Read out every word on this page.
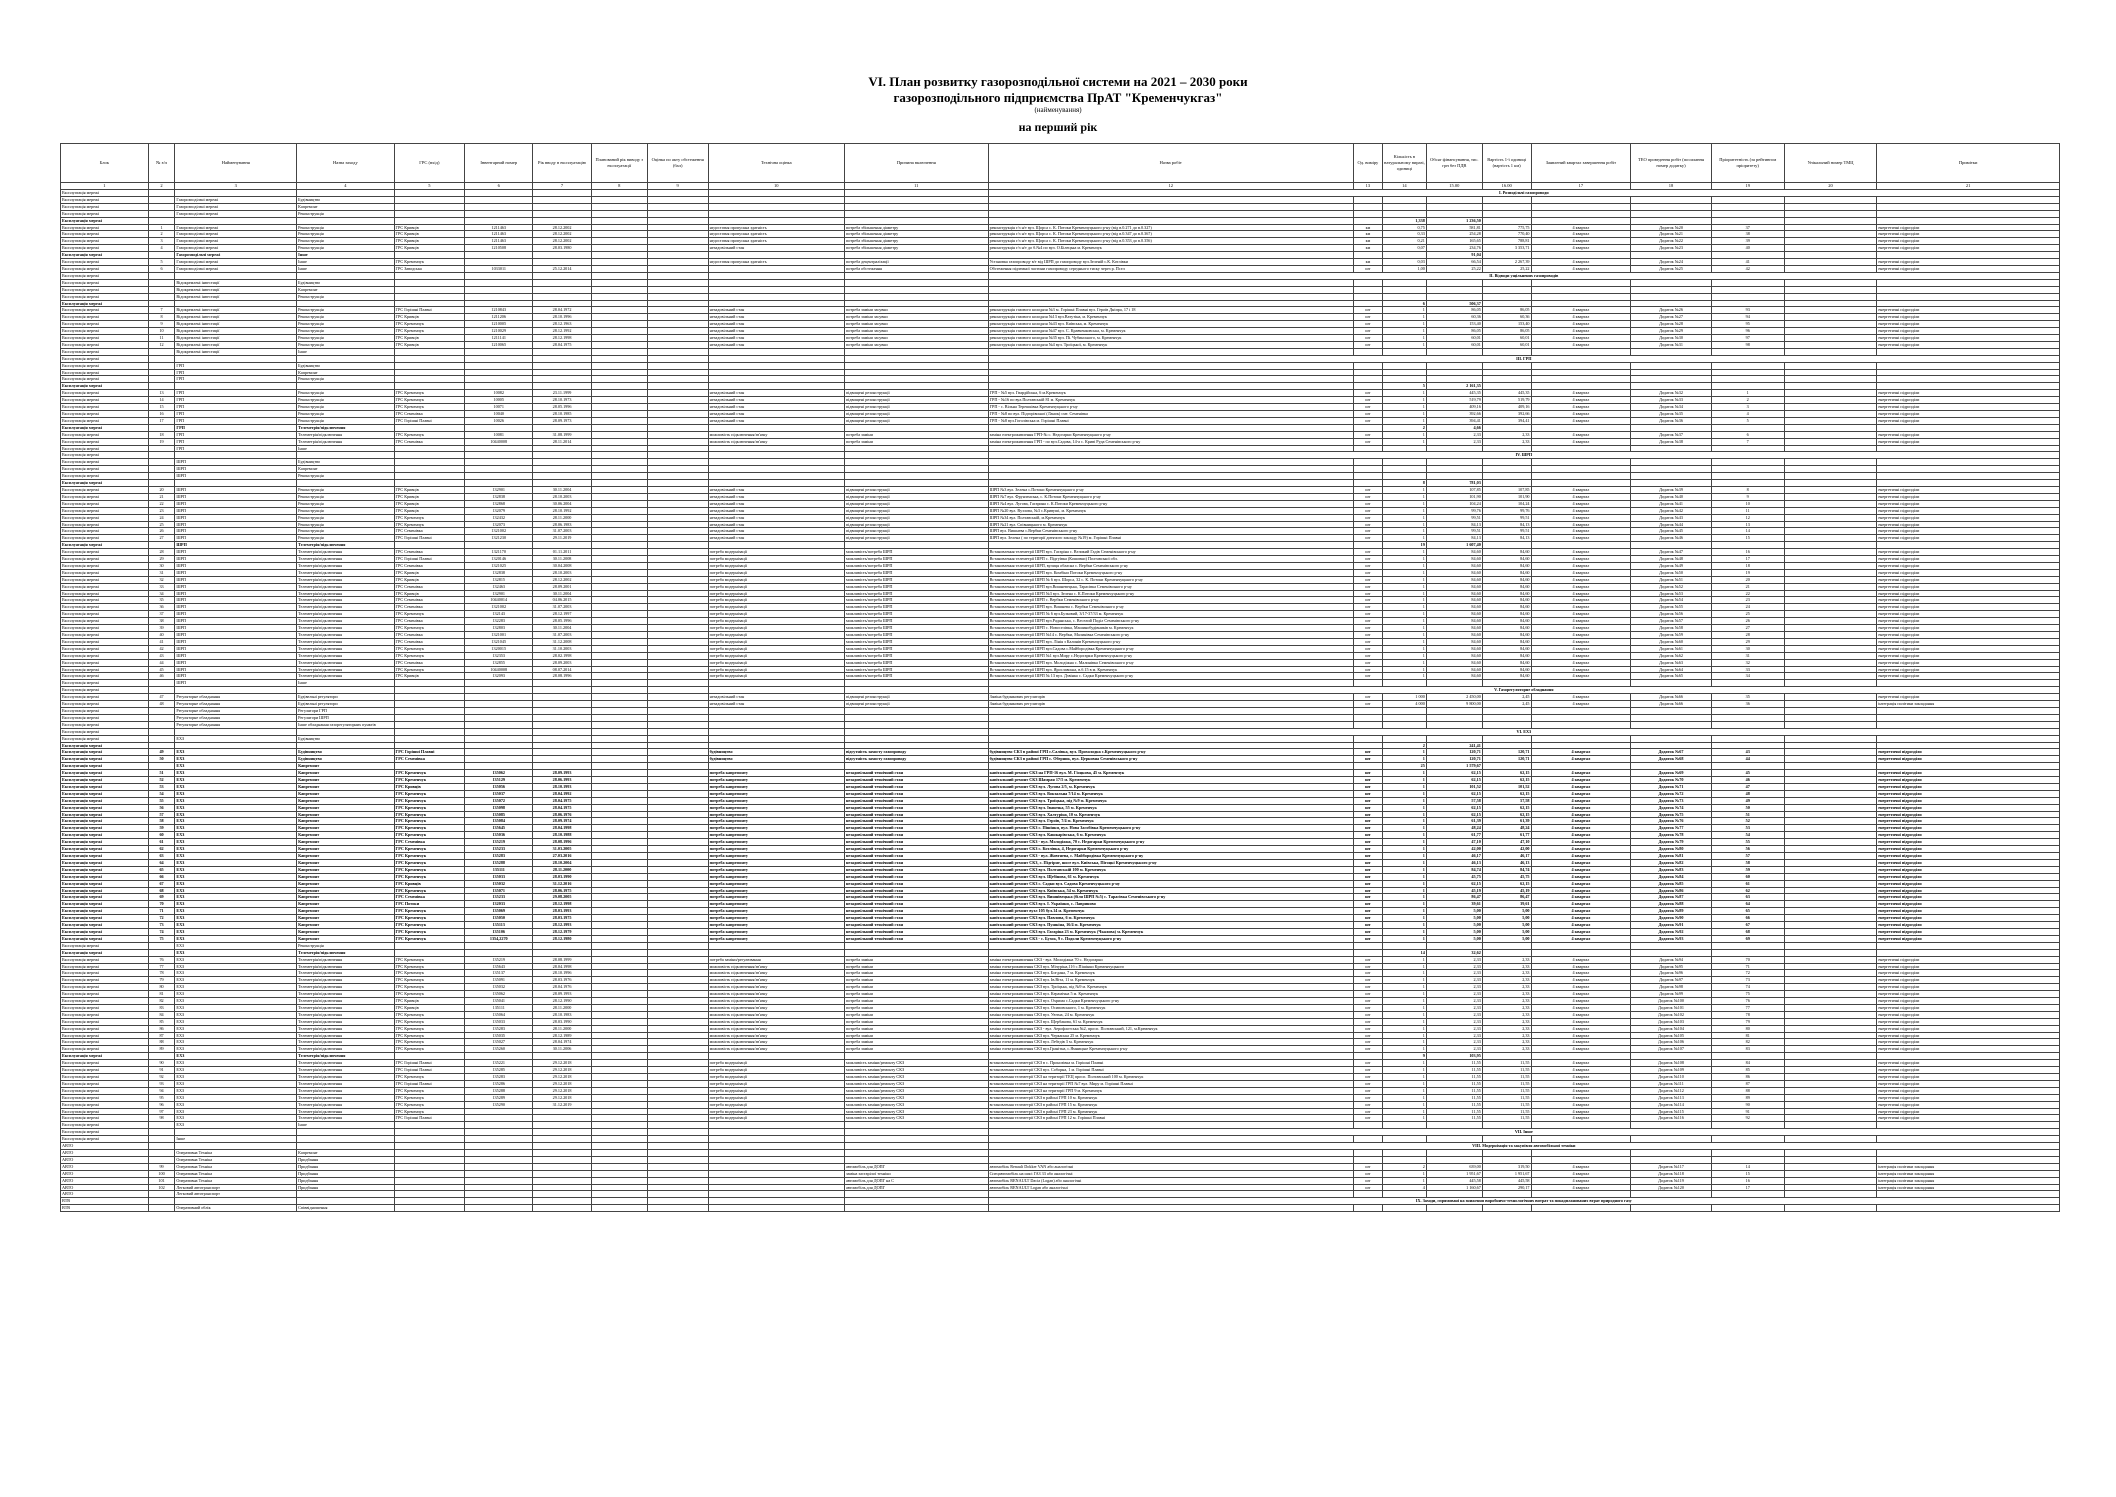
VI. План розвитку газорозподільної системи на 2021 – 2030 роки
газорозподільного підприємства ПрАТ "Кременчукгаз"
(найменування)
на перший рік
Блок	№ з/п	Найменування	Назва заходу	ГРС (вхід)	Інвентарний номер	Рік вводу в експлуатацію	Планований рік виводу з експлуатації	Оцінка по акту обстеження (бал)	Технічна оцінка	Причина включення	Назва робіт	Од. виміру	Кількість в натуральному виразі, одиниці	Обсяг фінансування, тис. грн без ПДВ	Вартість 1-ї одиниці (вартість 1 км)	Заявлений квартал завершення робіт	ТЕО проведення робіт (посилання номер додатку)	Пріоритетність (за рейтингом пріоритету)	Унікальний номер ТМЦ	Примітки
1	2	3	4	5	6	7	8	9	10	11	12	13	14	15.00	16.00	17	18	19	20	21
Експлуатація мережі											I. Розподільчі газопроводи									
Експлуатація мережі		Газорозподільчі мережі	Будівництво																	
Експлуатація мережі		Газорозподільчі мережі	Капремонт																	
Експлуатація мережі		Газорозподільчі мережі	Реконструкція																	
Експлуатація мережі													1,338	1 236,50						
Експлуатація мережі	1	Газорозподільчі мережі	Реконструкція	ГРС Кривців	1211463	28.12.2002			недостатня пропускна здатність	потреба збільшення діаметру	реконструкція г/з н/т вул. Щорса с. К. Потоки Кременчуцького р-ну (від в.0.271 до в.0.327)	км	0,75	581,81	775,75	4 квартал	Додаток №20	37		енергетичні підрозділи
Експлуатація мережі	2	Газорозподільчі мережі	Реконструкція	ГРС Кривців	1211463	28.12.2002			недостатня пропускна здатність	потреба збільшення діаметру	реконструкція г/з н/т вул. Щорса с. К. Потоки Кременчуцького р-ну (від в.0.347 до в.0.367)	км	0,33	254,28	770,40	4 квартал	Додаток №21	38		енергетичні підрозділи
Експлуатація мережі	3	Газорозподільчі мережі	Реконструкція	ГРС Кривців	1211463	28.12.2002			недостатня пропускна здатність	потреба збільшення діаметру	реконструкція г/з н/т вул. Щорса с. К. Потоки Кременчуцького р-ну (від в.0.353 до в.0.356)	км	0,21	165,65	788,81	4 квартал	Додаток №22	39		енергетичні підрозділи
Експлуатація мережі	4	Газорозподільчі мережі	Реконструкція	ГРС Кривців	1210508	28.03.1980			незадовільний стан	потреба збільшення діаметру	реконструкція г/з н/т до б.№4 по вул. О.Білецька м. Кременчук	км	0,07	234,76	3 353,71	4 квартал	Додаток №23	40		енергетичні підрозділи
Експлуатація мережі		Газорозподільчі мережі	Інше											91,04						
Експлуатація мережі	5	Газорозподільчі мережі	Інше	ГРС Кременчук					недостатня пропускна здатність	потреба децентралізації	Установка газопроводу в/т від ШРП до газопроводу вул.Зеленій с.К. Котлівки	км	0,03	66,54	2 267,39	4 квартал	Додаток №24	41		енергетичні підрозділи
Експлуатація мережі	6	Газорозподільчі мережі	Інше	ГРС Заводська	1033011	25.12.2014				потреба обстеження	Обстеження підземної частини газопроводу середнього тиску через р. Псел	шт	1,00	25,22	25,22	4 квартал	Додаток №25	42		енергетичні підрозділи
Експлуатація мережі											II. Відводи ущільнених газопроводів									
Експлуатація мережі		Відокремлені інвестиції	Будівництво																	
Експлуатація мережі		Відокремлені інвестиції	Капремонт																	
Експлуатація мережі		Відокремлені інвестиції	Реконструкція																	
Експлуатація мережі													6	506,37						
Експлуатація мережі	7	Відокремлені інвестиції	Реконструкція	ГРС Горішні Плавні	1210843	28.04.1972			незадовільний стан	потреба заміни засувки	реконструкція газового колодязя №3 м. Горішні Плавні вул. Героїв Дніпра, 17 і 18	шт	1	86,05	86,05	4 квартал	Додаток №26	93		енергетичні підрозділи
Експлуатація мережі	8	Відокремлені інвестиції	Реконструкція	ГРС Кривців	1211206	28.10.1996			незадовільний стан	потреба заміни засувки	реконструкція газового колодязя №13 вул.Ватутіна, м. Кременчук	шт	1	60,36	60,36	4 квартал	Додаток №27	94		енергетичні підрозділи
Експлуатація мережі	9	Відокремлені інвестиції	Реконструкція	ГРС Кременчук	1210005	28.12.1963			незадовільний стан	потреба заміни засувки	реконструкція газового колодязя №43 вул. Київська, м. Кременчук	шт	1	153,40	153,40	4 квартал	Додаток №28	95		енергетичні підрозділи
Експлуатація мережі	10	Відокремлені інвестиції	Реконструкція	ГРС Кременчук	1210029	28.12.1992			незадовільний стан	потреба заміни засувки	реконструкція газового колодязя №47 вул. С. Кравченковська, м. Кременчук	шт	1	86,05	86,05	4 квартал	Додаток №29	96		енергетичні підрозділи
Експлуатація мережі	11	Відокремлені інвестиції	Реконструкція	ГРС Кривців	1211141	28.12.1998			незадовільний стан	потреба заміни засувки	реконструкція газового колодязя №35 вул. Пі. Чубинського, м. Кременчук	шт	1	60,01	60,01	4 квартал	Додаток №30	97		енергетичні підрозділи
Експлуатація мережі	12	Відокремлені інвестиції	Реконструкція	ГРС Кривців	1210065	28.04.1975			незадовільний стан	потреба заміни засувки	реконструкція газового колодязя №4 вул. Троїцької, м. Кременчук	шт	1	60,01	60,01	4 квартал	Додаток №31	98		енергетичні підрозділи
Експлуатація мережі		Відокремлені інвестиції	Інше																	
Експлуатація мережі											III. ГРП									
Експлуатація мережі		ГРП	Будівництво																	
Експлуатація мережі		ГРП	Капремонт																	
Експлуатація мережі		ГРП	Реконструкція																	
Експлуатація мережі													5	2 161,35						
Експлуатація мережі	13	ГРП	Реконструкція	ГРС Кременчук	10082	23.11.1999			незадовільний стан	підвищені резонструкції	ГРП - №5 вул. Гвардійська, 6 м.Кременчук	шт	1	445,35	445,35	4 квартал	Додаток №32	1		енергетичні підрозділи
Експлуатація мережі	14	ГРП	Реконструкція	ГРС Кременчук	10005	28.10.1973			незадовільний стан	підвищені резонструкції	ГРП - №16 по вул.Полтавській 81 м. Кременчук	шт	1	519,79	519,79	4 квартал	Додаток №33	2		енергетичні підрозділи
Експлуатація мережі	15	ГРП	Реконструкція	ГРС Кременчук	10071	28.05.1996			незадовільний стан	підвищені резонструкції	ГРП - с. Вільна Терешківка Кременчуцького р-ну	шт	1	409,16	409,16	4 квартал	Додаток №34	3		енергетичні підрозділи
Експлуатація мережі	16	ГРП	Реконструкція	ГРС Семенівка	10040	28.10.1985			незадовільний стан	підвищені резонструкції	ГРП - №8 по вул. Підгорівської (Ланок) смт. Семенівка	шт	1	392,66	392,66	4 квартал	Додаток №35	4		енергетичні підрозділи
Експлуатація мережі	17	ГРП	Реконструкція	ГРС Горішні Плавні	10026	28.09.1973			незадовільний стан	підвищені резонструкції	ГРП - №8 вул.Гоголівська м. Горішні Плавні	шт	1	394,41	394,41	4 квартал	Додаток №36	5		енергетичні підрозділи
Експлуатація мережі		ГРП	Телеметрія/підключення										2	4,66						
Експлуатація мережі	18	ГРП	Телеметрія/підключення	ГРС Кременчук	10081	31.08.1999			можливість підключення/зв'язку	потреба заміни	заміна електроживлення ГРП-№ с. Недогарки Кременчуцького р-ну	шт	1	2,33	2,33	4 квартал	Додаток №37	6		енергетичні підрозділи
Експлуатація мережі	19	ГРП	Телеметрія/підключення	ГРС Семенівка	10440008	28.11.2014			можливість підключення/зв'язку	потреба заміни	заміна електроживлення ГРП - по вул.Садова, 14-а с. Криві Руда Семенівського р-ну	шт	1	2,33	2,33	4 квартал	Додаток №38	7		енергетичні підрозділи
Експлуатація мережі		ГРП	Інше																	
Експлуатація мережі											IV. ШРП									
Експлуатація мережі		ШРП	Будівництво																	
Експлуатація мережі		ШРП	Капремонт																	
Експлуатація мережі		ШРП	Реконструкція																	
Експлуатація мережі													8	781,03						
Експлуатація мережі	20	ШРП	Реконструкція	ГРС Кривців	132901	30.11.2004			незадовільний стан	підвищені резонструкції	ШРП №3 вул. Зелена с.Потоки Кременчуцького р-ну	шт	1	107,85	107,85	4 квартал	Додаток №39	8		енергетичні підрозділи
Експлуатація мережі	21	ШРП	Реконструкція	ГРС Кривців	132838	28.10.2003			незадовільний стан	підвищені резонструкції	ШРП №7 вул. Фрунзенська, с. К.Потоки Кременчуцького р-ну	шт	1	101,90	101,90	4 квартал	Додаток №40	9		енергетичні підрозділи
Експлуатація мережі	22	ШРП	Реконструкція	ГРС Кривців	132868	30.06.2004			незадовільний стан	підвищені резонструкції	ШРП №4 вул. Лугова, Гагарина с. К.Потоки Кременчуцького р-ну	шт	1	104,24	104,24	4 квартал	Додаток №41	10		енергетичні підрозділи
Експлуатація мережі	23	ШРП	Реконструкція	ГРС Кривців	132079	28.10.1992			незадовільний стан	підвищені резонструкції	ШРП №20 вул. Вузлова, №3 с.Кривуші, м. Кременчук	шт	1	99,76	99,76	4 квартал	Додаток №42	11		енергетичні підрозділи
Експлуатація мережі	24	ШРП	Реконструкція	ГРС Кременчук	132432	28.11.2000			незадовільний стан	підвищені резонструкції	ШРП №34 вул. Полтавській, м.Кременчук	шт	1	99,51	99,51	4 квартал	Додаток №43	12		енергетичні підрозділи
Експлуатація мережі	25	ШРП	Реконструкція	ГРС Кременчук	132073	28.06.1983			незадовільний стан	підвищені резонструкції	ШРП №21 вул. Співницького м. Кременчук	шт	1	84,13	84,13	4 квартал	Додаток №44	13		енергетичні підрозділи
Експлуатація мережі	26	ШРП	Реконструкція	ГРС Семенівка	1321002	31.07.2003			незадовільний стан	підвищені резонструкції	ШРП вул. Вишнева с.Вербки Семенівського р-ну	шт	1	99,51	99,51	4 квартал	Додаток №45	14		енергетичні підрозділи
Експлуатація мережі	27	ШРП	Реконструкція	ГРС Горішні Плавні	1321230	29.11.2019			незадовільний стан	підвищені резонструкції	ШРП вул. Зелена ( по території дитячого закладу №19) м. Горішні Плавні	шт	1	84,13	84,13	4 квартал	Додаток №46	15		енергетичні підрозділи
Експлуатація мережі		ШРП	Телеметрія/підключення										19	1 607,40						
Експлуатація мережі	28	ШРП	Телеметрія/підключення	ГРС Семенівка	1321170	01.11.2011			потреба модернізації	можливість/потреба ШРП	Встановлення телеметрії ШРП вул. Гагаріна с. Великий Гадів Семенівського р-ну	шт	1	84,60	84,60	4 квартал	Додаток №47	16		енергетичні підрозділи
Експлуатація мережі	29	ШРП	Телеметрія/підключення	ГРС Горішні Плавні	1320146	30.11.2008			потреба модернізації	можливість/потреба ШРП	Встановлення телеметрії ШРП с. Підгуївка (Кошовки) Полтавської обл.	шт	1	84,60	84,60	4 квартал	Додаток №48	17		енергетичні підрозділи
Експлуатація мережі	30	ШРП	Телеметрія/підключення	ГРС Семенівка	1321025	30.04.2008			потреба модернізації	можливість/потреба ШРП	Встановлення телеметрії ШРП, вулиця обласна с. Вербки Семенівського р-ну	шт	1	84,60	84,60	4 квартал	Додаток №49	18		енергетичні підрозділи
Експлуатація мережі	31	ШРП	Телеметрія/підключення	ГРС Кривців	132838	28.10.2003			потреба модернізації	можливість/потреба ШРП	Встановлення телеметрії ШРП вул. Комбіни Потоки Кременчуцького р-ну	шт	1	84,60	84,60	4 квартал	Додаток №50	19		енергетичні підрозділи
Експлуатація мережі	32	ШРП	Телеметрія/підключення	ГРС Кривців	132815	28.12.2002			потреба модернізації	можливість/потреба ШРП	Встановлення телеметрії ШРП № 6 вул. Шорса, 32 с. К. Потоки Кременчуцького р-ну	шт	1	84,60	84,60	4 квартал	Додаток №51	20		енергетичні підрозділи
Експлуатація мережі	33	ШРП	Телеметрія/підключення	ГРС Семенівка	132463	28.09.2001			потреба модернізації	можливість/потреба ШРП	Встановлення телеметрії ШРП вул.Вишневецька, Тарасівка Семенівського р-ну	шт	1	84,60	84,60	4 квартал	Додаток №52	21		енергетичні підрозділи
Експлуатація мережі	34	ШРП	Телеметрія/підключення	ГРС Кривців	132901	30.11.2004			потреба модернізації	можливість/потреба ШРП	Встановлення телеметрії ШРП №3 вул. Зелена с. К.Потоки Кременчуцького р-ну	шт	1	84,60	84,60	4 квартал	Додаток №53	22		енергетичні підрозділи
Експлуатація мережі	35	ШРП	Телеметрія/підключення	ГРС Семенівка	10440014	04.06.2015			потреба модернізації	можливість/потреба ШРП	Встановлення телеметрії ШРП с. Вербки Семенівського р-ну	шт	1	84,60	84,60	4 квартал	Додаток №54	23		енергетичні підрозділи
Експлуатація мережі	36	ШРП	Телеметрія/підключення	ГРС Семенівка	1321002	31.07.2003			потреба модернізації	можливість/потреба ШРП	Встановлення телеметрії ШРП вул. Вишнева с. Вербки Семенівського р-ну	шт	1	84,60	84,60	4 квартал	Додаток №55	24		енергетичні підрозділи
Експлуатація мережі	37	ШРП	Телеметрія/підключення	ГРС Кременчук	132143	28.12.1997			потреба модернізації	можливість/потреба ШРП	Встановлення телеметрії ШРП № 6 вул.Бузковий, 3/17-37/33 м. Кременчук	шт	1	84,60	84,60	4 квартал	Додаток №56	25		енергетичні підрозділи
Експлуатація мережі	38	ШРП	Телеметрія/підключення	ГРС Семенівка	132283	28.05.1996			потреба модернізації	можливість/потреба ШРП	Встановлення телеметрії ШРП вул.Радянська, с. Веселий Поділ Семенівського р-ну	шт	1	84,60	84,60	4 квартал	Додаток №57	26		енергетичні підрозділи
Експлуатація мережі	39	ШРП	Телеметрія/підключення	ГРС Кременчук	132803	30.11.2004			потреба модернізації	можливість/потреба ШРП	Встановлення телеметрії ШРП с. Новоселівка, Машинобудівників м. Кременчук	шт	1	84,60	84,60	4 квартал	Додаток №58	27		енергетичні підрозділи
Експлуатація мережі	40	ШРП	Телеметрія/підключення	ГРС Семенівка	1321001	31.07.2003			потреба модернізації	можливість/потреба ШРП	Встановлення телеметрії ШРП №14 с. Вербки, Малинівка Семенівського р-ну	шт	1	84,60	84,60	4 квартал	Додаток №59	28		енергетичні підрозділи
Експлуатація мережі	41	ШРП	Телеметрія/підключення	ГРС Семенівка	1321045	31.12.2008			потреба модернізації	можливість/потреба ШРП	Встановлення телеметрії ШРП вул. Лінія з Калинів Кременчуцького р-ну	шт	1	84,60	84,60	4 квартал	Додаток №60	29		енергетичні підрозділи
Експлуатація мережі	42	ШРП	Телеметрія/підключення	ГРС Кременчук	1320015	31.10.2003			потреба модернізації	можливість/потреба ШРП	Встановлення телеметрії ШРП вул.Садова с.Майбородівка Кременчуцького р-ну	шт	1	84,60	84,60	4 квартал	Додаток №61	30		енергетичні підрозділи
Експлуатація мережі	43	ШРП	Телеметрія/підключення	ГРС Кременчук	132353	28.02.1998			потреба модернізації	можливість/потреба ШРП	Встановлення телеметрії ШРП №1 вул.Миру с.Недогарки Кременчуцького р-ну	шт	1	84,60	84,60	4 квартал	Додаток №62	31		енергетичні підрозділи
Експлуатація мережі	44	ШРП	Телеметрія/підключення	ГРС Семенівка	132855	28.09.2003			потреба модернізації	можливість/потреба ШРП	Встановлення телеметрії ШРП вул. Молодіжна с. Малинівка Семенівського р-ну	шт	1	84,60	84,60	4 квартал	Додаток №63	32		енергетичні підрозділи
Експлуатація мережі	45	ШРП	Телеметрія/підключення	ГРС Кременчук	10440008	08.07.2014			потреба модернізації	можливість/потреба ШРП	Встановлення телеметрії ШРП вул. Ярославська, в.б.15 в м. Кременчук	шт	1	84,60	84,60	4 квартал	Додаток №64	33		енергетичні підрозділи
Експлуатація мережі	46	ШРП	Телеметрія/підключення	ГРС Кривців	132093	28.08.1996			потреба модернізації	можливість/потреба ШРП	Встановлення телеметрії ШРП № 13 вул. Дзвінка с. Садки Кременчуцького р-ну	шт	1	84,60	84,60	4 квартал	Додаток №65	34		енергетичні підрозділи
Експлуатація мережі		ШРП	Інше																	
Експлуатація мережі											V. Газорегуляторне обладнання									
Експлуатація мережі	47	Регуляторне обладнання	Будівельні регулятори						незадовільний стан	підвищені резонструкції	Заміна будинкових регуляторів	шт	1 000	2 450,00	2,45	4 квартал	Додаток №66	35		енергетичні підрозділи
Експлуатація мережі	48	Регуляторне обладнання	Будівельні регулятори						незадовільний стан	підвищені резонструкції	Заміна будинкових регуляторів	шт	4 000	9 800,00	2,45	4 квартал	Додаток №66	36		інтеграція політики закладання
Експлуатація мережі		Регуляторне обладнання	Регулятори ГРП																	
Експлуатація мережі		Регуляторне обладнання	Регулятори ШРП																	
Експлуатація мережі		Регуляторне обладнання	Інше обладнання газорегуляторних пунктів																	
Експлуатація мережі											VI. ЕХЗ									
Експлуатація мережі		ЕХЗ	Будівництво																	
Експлуатація мережі													2	241,41						
Експлуатація мережі	49	ЕХЗ	Будівництво	ГРС Горішні Плавні					будівництво	відсутність захисту газопроводу	будівництво СКЗ в районі ГРП с.Салівка, вул. Прохолодна с.Кременчуцького р-ну	шт	1	120,71	120,71	4 квартал	Додаток №67	43		енергетичні підрозділи
Експлуатація мережі	50	ЕХЗ	Будівництво	ГРС Семенівка					будівництво	відсутність захисту газопроводу	будівництво СКЗ в районі ГРП с. Оберник, вул. Церковна Семенівського р-ну	шт	1	120,71	120,71	4 квартал	Додаток №68	44		енергетичні підрозділи
Експлуатація мережі		ЕХЗ	Капремонт										25	1 579,67						
Експлуатація мережі	51	ЕХЗ	Капремонт	ГРС Кременчук	135062	28.09.1993			потреба капремонту	незадовільний технічний стан	капітальний ремонт СКЗ на ГРП-16 вул. М. Гіоцкова, 45 м. Кременчук	шт	1	62,15	62,15	4 квартал	Додаток №69	45		енергетичні підрозділи
Експлуатація мережі	52	ЕХЗ	Капремонт	ГРС Кременчук	135129	28.06.1993			потреба капремонту	незадовільний технічний стан	капітальний ремонт СКЗ Шамрая 17/5 м. Кременчук	шт	1	62,15	62,15	4 квартал	Додаток №70	46		енергетичні підрозділи
Експлуатація мережі	53	ЕХЗ	Капремонт	ГРС Кривців	135056	28.10.1993			потреба капремонту	незадовільний технічний стан	капітальний ремонт СКЗ вул. Лугова 2/5, м. Кременчук	шт	1	101,52	101,52	4 квартал	Додаток №71	47		енергетичні підрозділи
Експлуатація мережі	54	ЕХЗ	Капремонт	ГРС Кременчук	135037	28.04.1992			потреба капремонту	незадовільний технічний стан	капітальний ремонт СКЗ вул. Вокзальна 7/14 м. Кременчук	шт	1	62,15	62,15	4 квартал	Додаток №72	48		енергетичні підрозділи
Експлуатація мережі	55	ЕХЗ	Капремонт	ГРС Кременчук	135072	28.04.1975			потреба капремонту	незадовільний технічний стан	капітальний ремонт СКЗ вул. Троїцька, під №9 м. Кременчук	шт	1	57,58	57,58	4 квартал	Додаток №73	49		енергетичні підрозділи
Експлуатація мережі	56	ЕХЗ	Капремонт	ГРС Кременчук	135098	28.04.1975			потреба капремонту	незадовільний технічний стан	капітальний ремонт СКЗ вул. Івашчка, 55 м. Кременчук	шт	1	62,15	62,15	4 квартал	Додаток №74	50		енергетичні підрозділи
Експлуатація мережі	57	ЕХЗ	Капремонт	ГРС Кременчук	135085	28.06.1976			потреба капремонту	незадовільний технічний стан	капітальний ремонт СКЗ вул. Халтуріна, 10 м. Кременчук	шт	1	62,15	62,15	4 квартал	Додаток №75	51		енергетичні підрозділи
Експлуатація мережі	58	ЕХЗ	Капремонт	ГРС Кременчук	135084	28.09.1974			потреба капремонту	незадовільний технічний стан	капітальний ремонт СКЗ вул. Героїв, 7/4 м. Кременчук	шт	1	61,39	61,39	4 квартал	Додаток №76	52		енергетичні підрозділи
Експлуатація мережі	59	ЕХЗ	Капремонт	ГРС Кременчук	135645	28.04.1998			потреба капремонту	незадовільний технічний стан	капітальний ремонт СКЗ с. Пішінки, вул. Нова Засобівка Кременчуцького р-ну	шт	1	48,24	48,24	4 квартал	Додаток №77	53		енергетичні підрозділи
Експлуатація мережі	60	ЕХЗ	Капремонт	ГРС Кременчук	135036	28.10.1988			потреба капремонту	незадовільний технічний стан	капітальний ремонт СКЗ вул. Кашкарівська, 6 м. Кременчук	шт	1	61,77	61,77	4 квартал	Додаток №78	54		енергетичні підрозділи
Експлуатація мережі	61	ЕХЗ	Капремонт	ГРС Семенівка	135219	28.08.1996			потреба капремонту	незадовільний технічний стан	капітальний ремонт СКЗ - вул. Молодіжна, 70 с. Недогарки Кременчуцького р-ну	шт	1	47,10	47,10	4 квартал	Додаток №79	55		енергетичні підрозділи
Експлуатація мережі	62	ЕХЗ	Капремонт	ГРС Кременчук	135233	31.03.2005			потреба капремонту	незадовільний технічний стан	капітальний ремонт СКЗ с. Котлівка, 4, Недогарки Кременчуцького р-ну	шт	1	42,00	42,00	4 квартал	Додаток №80	56		енергетичні підрозділи
Експлуатація мережі	63	ЕХЗ	Капремонт	ГРС Кременчук	135283	27.03.2016			потреба капремонту	незадовільний технічний стан	капітальний ремонт СКЗ - вул. Жовтнева, с. Майбородівка Кременчуцького р-ну	шт	1	46,17	46,17	4 квартал	Додаток №81	57		енергетичні підрозділи
Експлуатація мережі	64	ЕХЗ	Капремонт	ГРС Кременчук	135288	28.10.2004			потреба капремонту	незадовільний технічний стан	капітальний ремонт СКЗ, с. Підгірне, шосе вул. Київська, Пігоцкі Кременчуцького р-ну	шт	1	46,13	46,13	4 квартал	Додаток №82	58		енергетичні підрозділи
Експлуатація мережі	65	ЕХЗ	Капремонт	ГРС Кременчук	135111	28.11.2000			потреба капремонту	незадовільний технічний стан	капітальний ремонт СКЗ вул. Полтавській 100 м. Кременчук	шт	1	84,74	84,74	4 квартал	Додаток №83	59		енергетичні підрозділи
Експлуатація мережі	66	ЕХЗ	Капремонт	ГРС Кременчук	135033	28.03.1990			потреба капремонту	незадовільний технічний стан	капітальний ремонт СКЗ вул. Щебінова, 61 м. Кременчук	шт	1	45,75	45,75	4 квартал	Додаток №84	60		енергетичні підрозділи
Експлуатація мережі	67	ЕХЗ	Капремонт	ГРС Кривців	135032	31.12.2016			потреба капремонту	незадовільний технічний стан	капітальний ремонт СКЗ с. Садки вул. Садова Кременчуцького р-ну	шт	1	62,15	62,15	4 квартал	Додаток №85	61		енергетичні підрозділи
Експлуатація мережі	68	ЕХЗ	Капремонт	ГРС Кременчук	135071	28.06.1975			потреба капремонту	незадовільний технічний стан	капітальний ремонт СКЗ вул. Київська, 54 м. Кременчук	шт	1	45,19	45,19	4 квартал	Додаток №86	62		енергетичні підрозділи
Експлуатація мережі	69	ЕХЗ	Капремонт	ГРС Семенівка	135233	29.08.2005			потреба капремонту	незадовільний технічний стан	капітальний ремонт СКЗ вул. Вишнівецька (біля ШРП №5) с. Тарасівка Семенівського р-ну	шт	1	86,47	86,47	4 квартал	Додаток №87	63		енергетичні підрозділи
Експлуатація мережі	70	ЕХЗ	Капремонт	ГРС Потоки	132033	28.12.1998			потреба капремонту	незадовільний технічний стан	капітальний ремонт СКЗ вул. І. Українки, с. Лавриново	шт	1	39,61	39,61	4 квартал	Додаток №88	64		енергетичні підрозділи
Експлуатація мережі	71	ЕХЗ	Капремонт	ГРС Кременчук	135069	28.03.1993			потреба капремонту	незадовільний технічний стан	капітальний ремонт вузл 105 бул.14 м. Кременчук	шт	1	5,00	5,00	4 квартал	Додаток №89	65		енергетичні підрозділи
Експлуатація мережі	72	ЕХЗ	Капремонт	ГРС Кременчук	135050	28.03.1975			потреба капремонту	незадовільний технічний стан	капітальний ремонт СКЗ вул. Павлова, 6 м. Кременчук	шт	1	5,00	5,00	4 квартал	Додаток №90	66		енергетичні підрозділи
Експлуатація мережі	73	ЕХЗ	Капремонт	ГРС Кременчук	135113	28.12.1993			потреба капремонту	незадовільний технічний стан	капітальний ремонт СКЗ вул. Пушкіна, 16/4 м. Кременчук	шт	1	5,00	5,00	4 квартал	Додаток №91	67		енергетичні підрозділи
Експлуатація мережі	74	ЕХЗ	Капремонт	ГРС Кременчук	135106	28.12.1979			потреба капремонту	незадовільний технічний стан	капітальний ремонт СКЗ вул. Гагаріна 23 м. Кременчук (Чкалова) м. Кременчук	шт	1	5,00	5,00	4 квартал	Додаток №92	68		енергетичні підрозділи
Експлуатація мережі	75	ЕХЗ	Капремонт	ГРС Кременчук	1354,2270	28.12.1980			потреба капремонту	незадовільний технічний стан	капітальний ремонт СКЗ - с. Бузок, 9 с. Подоли Кременчуцького р-ну	шт	1	5,00	5,00	4 квартал	Додаток №93	69		енергетичні підрозділи
Експлуатація мережі		ЕХЗ	Реконструкція																	
Експлуатація мережі		ЕХЗ	Телеметрія/підключення										14	32,62						
Експлуатація мережі	76	ЕХЗ	Телеметрія/підключення	ГРС Кременчук	135219	28.08.1999			потреба заміни/регулювання	потреба заміни	заміна електроживлення СКЗ - вул. Молодіжна 70 с. Недогарки	шт	1	2,33	2,33	4 квартал	Додаток №94	70		енергетичні підрозділи
Експлуатація мережі	77	ЕХЗ	Телеметрія/підключення	ГРС Кременчук	135643	28.04.1998			можливість підключення/зв'язку	потреба заміни	заміна електроживлення СКЗ вул. Мічуріна,11б с.Пішінки Кременчуцького	шт	1	2,33	2,33	4 квартал	Додаток №95	71		енергетичні підрозділи
Експлуатація мережі	78	ЕХЗ	Телеметрія/підключення	ГРС Кременчук	135137	28.10.1996			можливість підключення/зв'язку	потреба заміни	заміна електроживлення СКЗ вул. Богдана, 7 м. Кременчук	шт	1	2,33	2,33	4 квартал	Додаток №96	72		енергетичні підрозділи
Експлуатація мережі	79	ЕХЗ	Телеметрія/підключення	ГРС Кременчук	135091	28.03.1976			можливість підключення/зв'язку	потреба заміни	заміна електроживлення СКЗ вул. Ів.Віта, 11 м. Кременчук	шт	1	2,33	2,33	4 квартал	Додаток №97	73		енергетичні підрозділи
Експлуатація мережі	80	ЕХЗ	Телеметрія/підключення	ГРС Кременчук	135032	28.04.1976			можливість підключення/зв'язку	потреба заміни	заміна електроживлення СКЗ вул. Троїцька, під №9 м. Кременчук	шт	1	2,33	2,33	4 квартал	Додаток №98	74		енергетичні підрозділи
Експлуатація мережі	81	ЕХЗ	Телеметрія/підключення	ГРС Кременчук	135062	28.09.1993			можливість підключення/зв'язку	потреба заміни	заміна електроживлення СКЗ вул. Керамічна 5 м. Кременчук	шт	1	2,33	2,33	4 квартал	Додаток №99	75		енергетичні підрозділи
Експлуатація мережі	82	ЕХЗ	Телеметрія/підключення	ГРС Кривців	135041	28.12.1990			можливість підключення/зв'язку	потреба заміни	заміна електроживлення СКЗ вул. Охрима с.Садки Кременчуцького р-ну	шт	1	2,33	2,33	4 квартал	Додаток №100	76		енергетичні підрозділи
Експлуатація мережі	83	ЕХЗ	Телеметрія/підключення	ГРС Кривців	135111	28.11.2000			можливість підключення/зв'язку	потреба заміни	заміна електроживлення СКЗ вул. Осиповського, 1 м. Кременчук	шт	1	2,33	2,33	4 квартал	Додаток №101	77		енергетичні підрозділи
Експлуатація мережі	84	ЕХЗ	Телеметрія/підключення	ГРС Кременчук	135064	28.10.1983			можливість підключення/зв'язку	потреба заміни	заміна електроживлення СКЗ вул. Уютна, 24 м. Кременчук	шт	1	2,33	2,33	4 квартал	Додаток №102	78		енергетичні підрозділи
Експлуатація мережі	85	ЕХЗ	Телеметрія/підключення	ГРС Кременчук	135033	28.03.1990			можливість підключення/зв'язку	потреба заміни	заміна електроживлення СКЗ вул. Щербакова, 61 м. Кременчук	шт	1	2,33	2,33	4 квартал	Додаток №103	79		енергетичні підрозділи
Експлуатація мережі	86	ЕХЗ	Телеметрія/підключення	ГРС Кременчук	135283	28.11.2000			можливість підключення/зв'язку	потреба заміни	заміна електроживлення СКЗ - вул. Аерофлотська №2, просп. Полтавський, 121, м.Кременчук	шт	1	2,33	2,33	4 квартал	Додаток №104	80		енергетичні підрозділи
Експлуатація мережі	87	ЕХЗ	Телеметрія/підключення	ГРС Кременчук	135035	28.12.1989			можливість підключення/зв'язку	потреба заміни	заміна електроживлення СКЗ вул. Черкаська 25 м. Кременчук	шт	1	2,33	2,33	4 квартал	Додаток №105	81		енергетичні підрозділи
Експлуатація мережі	88	ЕХЗ	Телеметрія/підключення	ГРС Кременчук	135027	28.04.1974			можливість підключення/зв'язку	потреба заміни	заміна електроживлення СКЗ вул. Лебедів 3 м. Кременчук	шт	1	2,33	2,33	4 квартал	Додаток №106	82		енергетичні підрозділи
Експлуатація мережі	89	ЕХЗ	Телеметрія/підключення	ГРС Кременчук	135260	30.11.2006			можливість підключення/зв'язку	потреба заміни	заміна електроживлення СКЗ вул.Гранітна, с.Ямницьке Кременчуцького р-ну	шт	1	2,33	2,33	4 квартал	Додаток №107	83		енергетичні підрозділи
Експлуатація мережі		ЕХЗ	Телеметрія/підключення										9	103,95						
Експлуатація мережі	90	ЕХЗ	Телеметрія/підключення	ГРС Горішні Плавні	135221	29.12.2018			потреба модернізації	можливість заміни/ремонту СКЗ	встановлення телеметрії СКЗ в с. Пронозівка м. Горішні Плавні	шт	1	11,55	11,55	4 квартал	Додаток №108	84		енергетичні підрозділи
Експлуатація мережі	91	ЕХЗ	Телеметрія/підключення	ГРС Горішні Плавні	135285	29.12.2018			потреба модернізації	можливість заміни/ремонту СКЗ	встановлення телеметрії СКЗ вул. Соборна, 1 м. Горішні Плавні	шт	1	11,55	11,55	4 квартал	Додаток №109	85		енергетичні підрозділи
Експлуатація мережі	92	ЕХЗ	Телеметрія/підключення	ГРС Кременчук	135283	29.12.2018			потреба модернізації	можливість заміни/ремонту СКЗ	встановлення телеметрії СКЗ на території ТЕЦ просп. Полтавський 100 м. Кременчук	шт	1	11,55	11,55	4 квартал	Додаток №110	86		енергетичні підрозділи
Експлуатація мережі	93	ЕХЗ	Телеметрія/підключення	ГРС Горішні Плавні	135286	29.12.2018			потреба модернізації	можливість заміни/ремонту СКЗ	встановлення телеметрії СКЗ на території ГРП №7 вул. Миру м. Горішні Плавні	шт	1	11,55	11,55	4 квартал	Додаток №111	87		енергетичні підрозділи
Експлуатація мережі	94	ЕХЗ	Телеметрія/підключення	ГРС Кременчук	135288	29.12.2018			потреба модернізації	можливість заміни/ремонту СКЗ	встановлення телеметрії СКЗ на території ГРП 9 м. Кременчук	шт	1	11,55	11,55	4 квартал	Додаток №112	88		енергетичні підрозділи
Експлуатація мережі	95	ЕХЗ	Телеметрія/підключення	ГРС Кременчук	135289	29.12.2018			потреба модернізації	можливість заміни/ремонту СКЗ	встановлення телеметрії СКЗ в районі ГРП 10 м. Кременчук	шт	1	11,55	11,55	4 квартал	Додаток №113	89		енергетичні підрозділи
Експлуатація мережі	96	ЕХЗ	Телеметрія/підключення	ГРС Кременчук	135290	31.12.2019			потреба модернізації	можливість заміни/ремонту СКЗ	встановлення телеметрії СКЗ в районі ГРП 15 м. Кременчук	шт	1	11,55	11,55	4 квартал	Додаток №114	90		енергетичні підрозділи
Експлуатація мережі	97	ЕХЗ	Телеметрія/підключення	ГРС Кременчук					потреба модернізації	можливість заміни/ремонту СКЗ	встановлення телеметрії СКЗ в районі ГРП 23 м. Кременчук	шт	1	11,55	11,55	4 квартал	Додаток №115	91		енергетичні підрозділи
Експлуатація мережі	98	ЕХЗ	Телеметрія/підключення	ГРС Горішні Плавні					потреба модернізації	можливість заміни/ремонту СКЗ	встановлення телеметрії СКЗ в районі ГРП 12 м. Горішні Плавні	шт	1	11,55	11,55	4 квартал	Додаток №116	92		енергетичні підрозділи
Експлуатація мережі		ЕХЗ	Інше																	
Експлуатація мережі											VII. Інше									
Експлуатація мережі		Інше																		
АВТО											VIII. Модернізація та закупівля автомобільної техніки									
АВТО		Оперативна Техніка	Капремонт																	
АВТО		Оперативна Техніка	Придбання																	
АВТО	99	Оперативна Техніка	Придбання							автомобіль для ДОПГ	автомобіль Renault Dokker VAN або аналогічні	шт	2	639,00	319,50	4 квартал	Додаток №117	14		інтеграція політики закладання
АВТО	100	Оперативна Техніка	Придбання							заміна застарілої техніки	Спецавтомобіль на шасі ГАЗ 33 або аналогічні	шт	1	1 951,67	1 951,67	4 квартал	Додаток №118	15		інтеграція політики закладання
АВТО	101	Оперативна Техніка	Придбання							автомобіль для ДОПГ на С	автомобіль RENAULT Dacia (Logan) або аналогічні	шт	1	445,58	445,58	4 квартал	Додаток №119	16		інтеграція політики закладання
АВТО	102	Легковий автотранспорт	Придбання							автомобіль для ДОПГ	автомобіль RENAULT Logan або аналогічні	шт	4	1 160,67	290,17	4 квартал	Додаток №120	17		інтеграція політики закладання
АВТО		Легковий автотранспорт																		
ВТВ											IX. Заходи, спрямовані на зниження виробничо-технологічних витрат та понадпланованих втрат природного газу									
ВТВ		Оперативний облік	Співвідношення																	
